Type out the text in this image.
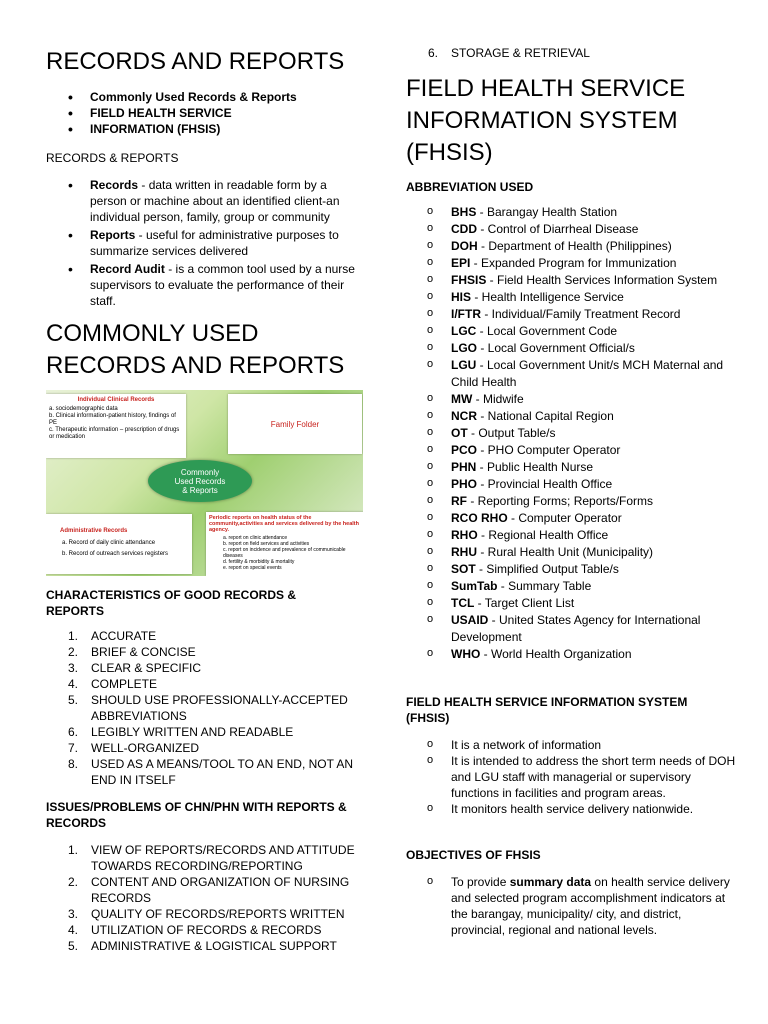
RECORDS AND REPORTS
• Commonly Used Records & Reports
• FIELD HEALTH SERVICE
• INFORMATION (FHSIS)

RECORDS & REPORTS

• Records - data written in readable form by a person or machine about an identified client-an individual person, family, group or community
• Reports - useful for administrative purposes to summarize services delivered
• Record Audit - is a common tool used by a nurse supervisors to evaluate the performance of their staff.
COMMONLY USED
RECORDS AND REPORTS
Individual Clinical Records
a. sociodemographic data
b. Clinical information-patient history, findings of PE
c. Therapeutic information – prescription of drugs or medication
Family Folder
Commonly
Used Records
& Reports
Administrative Records
a. Record of daily clinic attendance
b. Record of outreach services registers
Periodic reports on health status of the community,activities and services delivered by the health agency.
a. report on clinic attendance
b. report on field services and activities
c. report on incidence and prevalence of communicable diseases
d. fertility & morbidity & mortality
e. report on special events

CHARACTERISTICS OF GOOD RECORDS & REPORTS

1. ACCURATE
2. BRIEF & CONCISE
3. CLEAR & SPECIFIC
4. COMPLETE
5. SHOULD USE PROFESSIONALLY-ACCEPTED ABBREVIATIONS
6. LEGIBLY WRITTEN AND READABLE
7. WELL-ORGANIZED
8. USED AS A MEANS/TOOL TO AN END, NOT AN END IN ITSELF

ISSUES/PROBLEMS OF CHN/PHN WITH REPORTS & RECORDS

1. VIEW OF REPORTS/RECORDS AND ATTITUDE TOWARDS RECORDING/REPORTING
2. CONTENT AND ORGANIZATION OF NURSING RECORDS
3. QUALITY OF RECORDS/REPORTS WRITTEN
4. UTILIZATION OF RECORDS & RECORDS
5. ADMINISTRATIVE & LOGISTICAL SUPPORT
6. STORAGE & RETRIEVAL
FIELD HEALTH SERVICE
INFORMATION SYSTEM
(FHSIS)

ABBREVIATION USED

o BHS - Barangay Health Station
o CDD - Control of Diarrheal Disease
o DOH - Department of Health (Philippines)
o EPI - Expanded Program for Immunization
o FHSIS - Field Health Services Information System
o HIS - Health Intelligence Service
o I/FTR - Individual/Family Treatment Record
o LGC - Local Government Code
o LGO - Local Government Official/s
o LGU - Local Government Unit/s MCH Maternal and Child Health
o MW - Midwife
o NCR - National Capital Region
o OT - Output Table/s
o PCO - PHO Computer Operator
o PHN - Public Health Nurse
o PHO - Provincial Health Office
o RF - Reporting Forms; Reports/Forms
o RCO RHO - Computer Operator
o RHO - Regional Health Office
o RHU - Rural Health Unit (Municipality)
o SOT - Simplified Output Table/s
o SumTab - Summary Table
o TCL - Target Client List
o USAID - United States Agency for International Development
o WHO - World Health Organization

FIELD HEALTH SERVICE INFORMATION SYSTEM (FHSIS)

o It is a network of information
o It is intended to address the short term needs of DOH and LGU staff with managerial or supervisory functions in facilities and program areas.
o It monitors health service delivery nationwide.

OBJECTIVES OF FHSIS

o To provide summary data on health service delivery and selected program accomplishment indicators at the barangay, municipality/ city, and district, provincial, regional and national levels.
